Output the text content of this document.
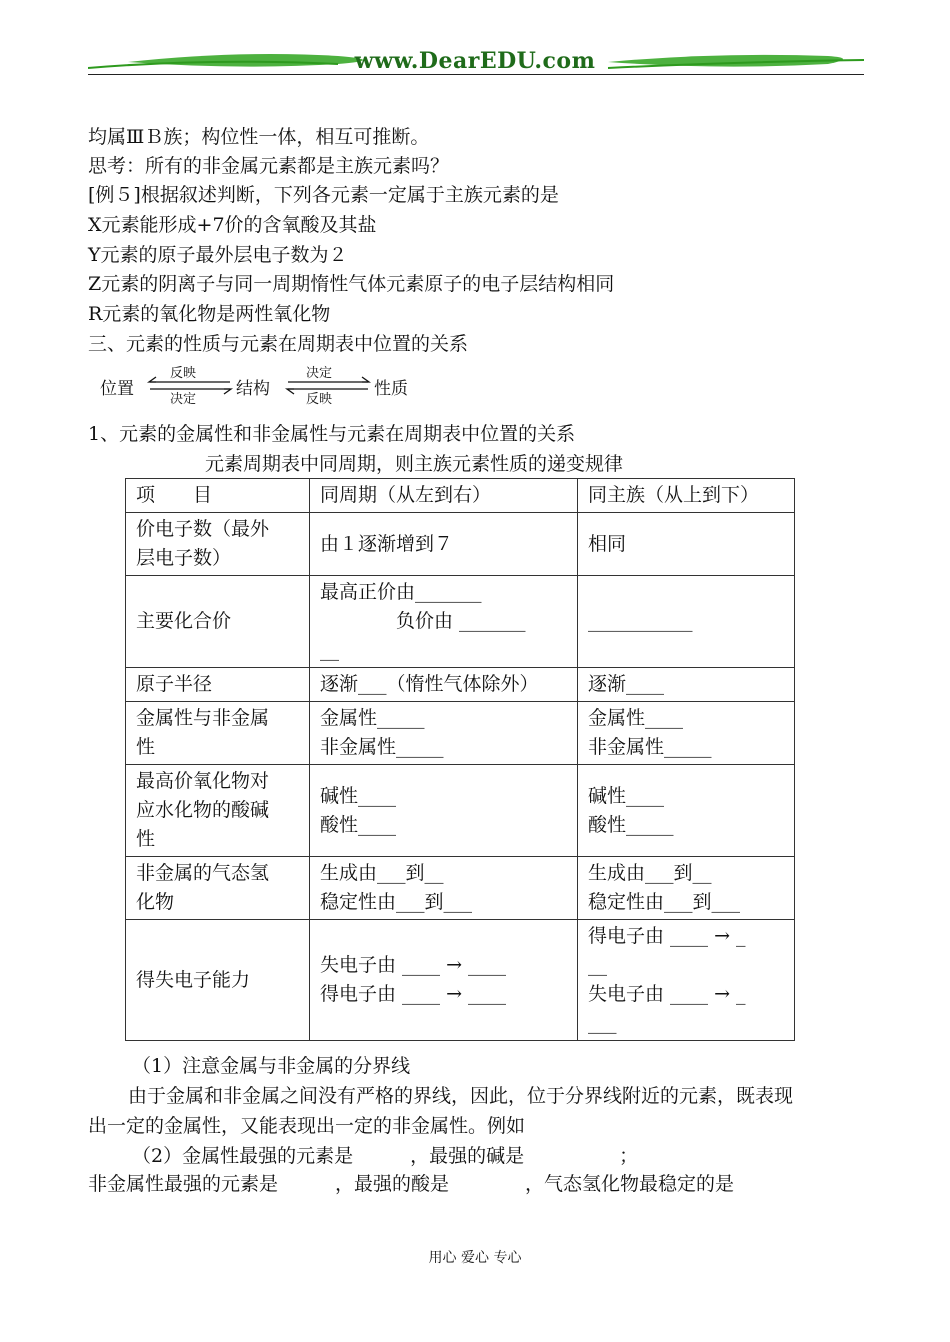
www.DearEDU.com
均属ⅢＢ族；构位性一体，相互可推断。
思考：所有的非金属元素都是主族元素吗？
[例５]根据叙述判断，下列各元素一定属于主族元素的是
X元素能形成+7价的含氧酸及其盐
Y元素的原子最外层电子数为２
Z元素的阴离子与同一周期惰性气体元素原子的电子层结构相同
R元素的氧化物是两性氧化物
三、元素的性质与元素在周期表中位置的关系
位置
反映
决定
结构
决定
反映
性质
1、元素的金属性和非金属性与元素在周期表中位置的关系
元素周期表中同周期，则主族元素性质的递变规律
项　　目	同周期（从左到右）	同主族（从上到下）

价电子数（最外
层电子数）	由１逐渐增到７	相同

主要化合价	最高正价由_______
　　　　负价由 _______
__	___________

原子半径	逐渐___（惰性气体除外）	逐渐____

金属性与非金属
性	金属性_____
非金属性_____	金属性____
非金属性_____

最高价氧化物对
应水化物的酸碱
性	碱性____
酸性____	碱性____
酸性_____

非金属的气态氢
化物	生成由___到__
稳定性由___到___	生成由___到__
稳定性由___到___

得失电子能力	失电子由 ____ → ____
得电子由 ____ → ____	得电子由 ____ → _
__
失电子由 ____ → _
___
（1）注意金属与非金属的分界线
由于金属和非金属之间没有严格的界线，因此，位于分界线附近的元素，既表现
出一定的金属性，又能表现出一定的非金属性。例如
（2）金属性最强的元素是　　　，最强的碱是　　　　　；
非金属性最强的元素是　　　，最强的酸是　　　　，气态氢化物最稳定的是
用心 爱心 专心
